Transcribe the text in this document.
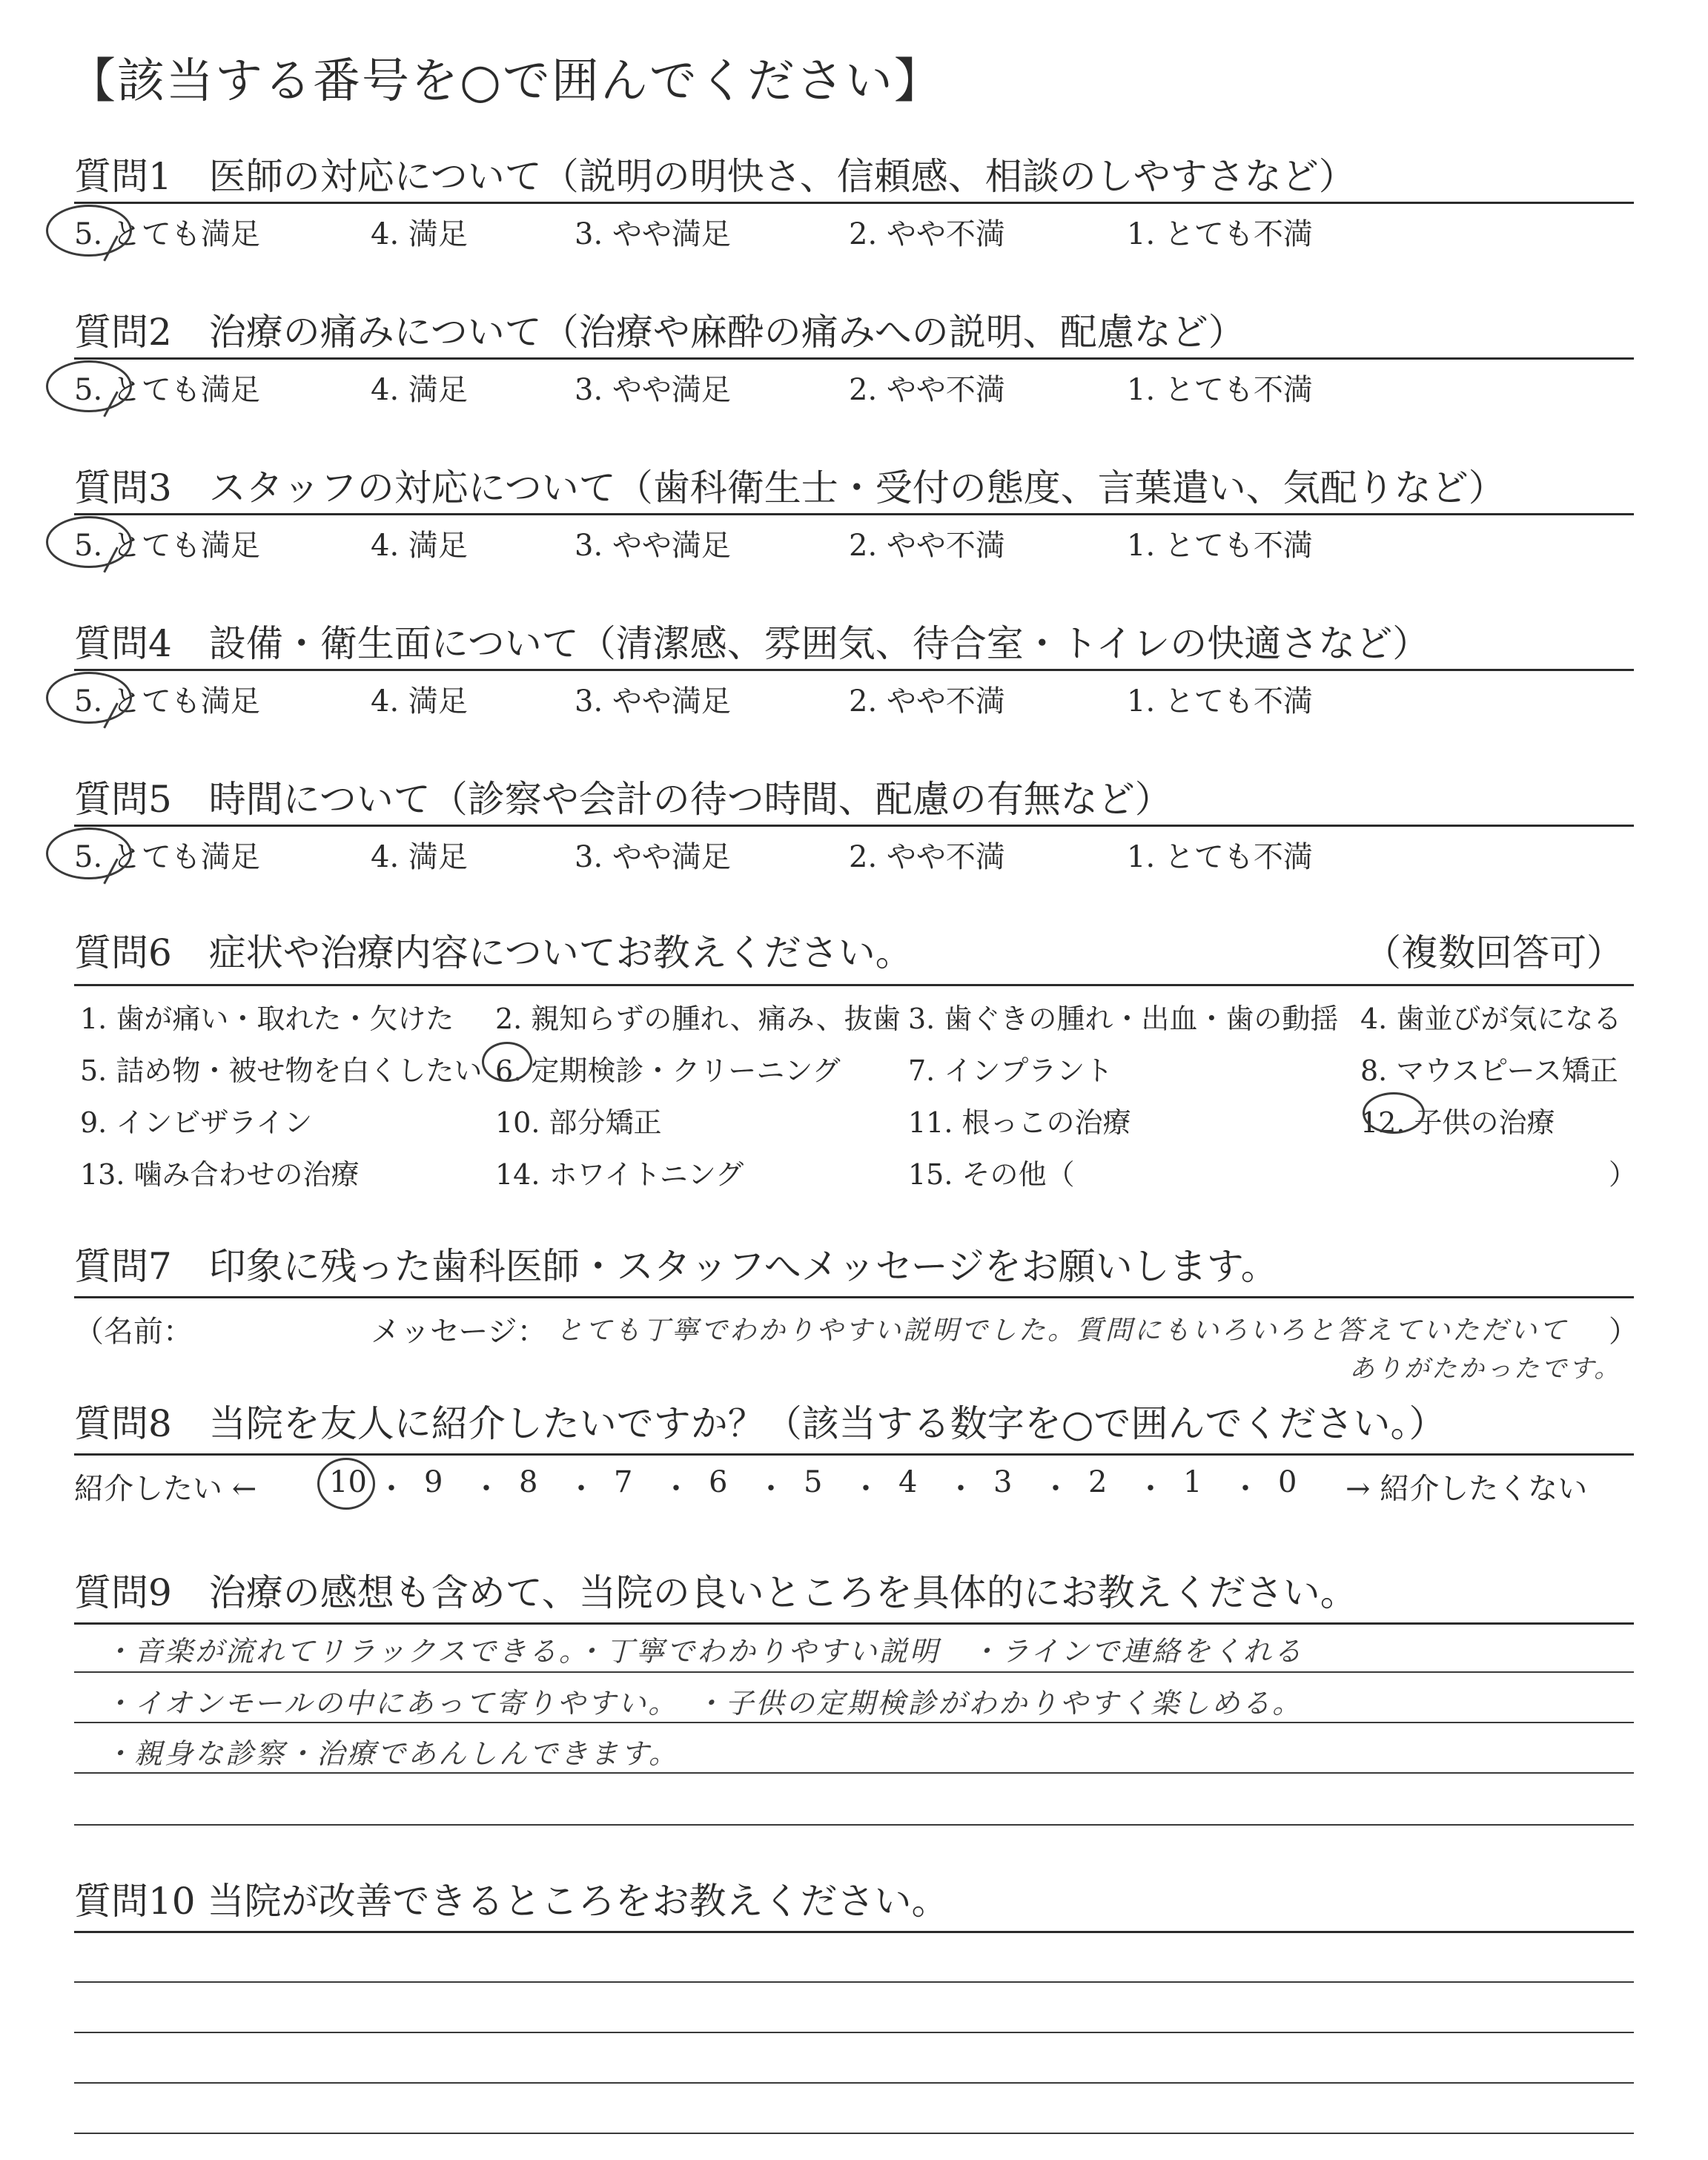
【該当する番号を○で囲んでください】
質問1　医師の対応について（説明の明快さ、信頼感、相談のしやすさなど）
5. とても満足	4. 満足	3. やや満足	2. やや不満	1. とても不満
質問2　治療の痛みについて（治療や麻酔の痛みへの説明、配慮など）
5. とても満足	4. 満足	3. やや満足	2. やや不満	1. とても不満
質問3　スタッフの対応について（歯科衛生士・受付の態度、言葉遣い、気配りなど）
5. とても満足	4. 満足	3. やや満足	2. やや不満	1. とても不満
質問4　設備・衛生面について（清潔感、雰囲気、待合室・トイレの快適さなど）
5. とても満足	4. 満足	3. やや満足	2. やや不満	1. とても不満
質問5　時間について（診察や会計の待つ時間、配慮の有無など）
5. とても満足	4. 満足	3. やや満足	2. やや不満	1. とても不満
質問6　症状や治療内容についてお教えください。	（複数回答可）
1. 歯が痛い・取れた・欠けた 2. 親知らずの腫れ、痛み、抜歯 3. 歯ぐきの腫れ・出血・歯の動揺 4. 歯並びが気になる
5. 詰め物・被せ物を白くしたい 6. 定期検診・クリーニング 7. インプラント	8. マウスピース矯正
9. インビザライン	10. 部分矯正	11. 根っこの治療	12. 子供の治療
13. 噛み合わせの治療	14. ホワイトニング	15. その他（	）
質問7　印象に残った歯科医師・スタッフへメッセージをお願いします。
（名前：	メッセージ： とても丁寧でわかりやすい説明でした。質問にもいろいろと答えていただいて
ありがたかったです。
）
質問8　当院を友人に紹介したいですか？（該当する数字を○で囲んでください。）
紹介したい ← 10 ・ 9 ・ 8 ・ 7 ・ 6 ・ 5 ・ 4 ・ 3 ・ 2 ・ 1 ・ 0 → 紹介したくない
質問9　治療の感想も含めて、当院の良いところを具体的にお教えください。
・音楽が流れてリラックスできる。・丁寧でわかりやすい説明　・ラインで連絡をくれる
・イオンモールの中にあって寄りやすい。　・子供の定期検診がわかりやすく楽しめる。
・親身な診察・治療であんしんできます。
質問10 当院が改善できるところをお教えください。
